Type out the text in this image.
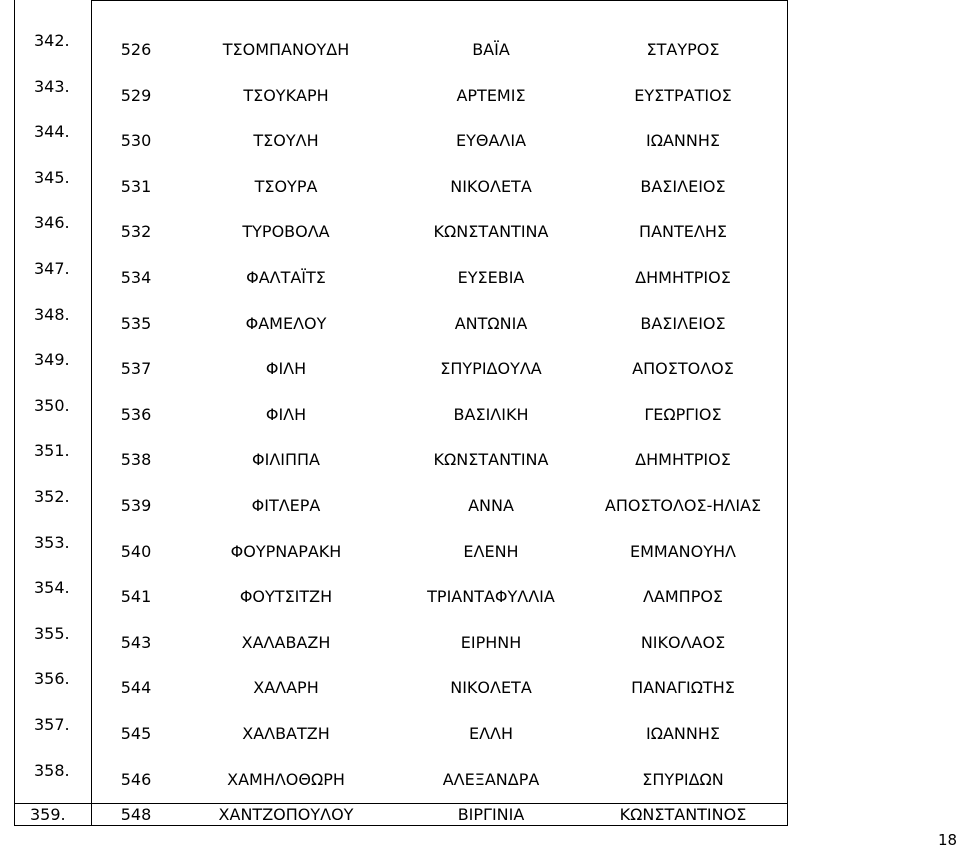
342.	526	ΤΣΟΜΠΑΝΟΥΔΗ	ΒΑΪΑ	ΣΤΑΥΡΟΣ
343.	529	ΤΣΟΥΚΑΡΗ	ΑΡΤΕΜΙΣ	ΕΥΣΤΡΑΤΙΟΣ
344.	530	ΤΣΟΥΛΗ	ΕΥΘΑΛΙΑ	ΙΩΑΝΝΗΣ
345.	531	ΤΣΟΥΡΑ	ΝΙΚΟΛΕΤΑ	ΒΑΣΙΛΕΙΟΣ
346.	532	ΤΥΡΟΒΟΛΑ	ΚΩΝΣΤΑΝΤΙΝΑ	ΠΑΝΤΕΛΗΣ
347.	534	ΦΑΛΤΑΪΤΣ	ΕΥΣΕΒΙΑ	ΔΗΜΗΤΡΙΟΣ
348.	535	ΦΑΜΕΛΟΥ	ΑΝΤΩΝΙΑ	ΒΑΣΙΛΕΙΟΣ
349.	537	ΦΙΛΗ	ΣΠΥΡΙΔΟΥΛΑ	ΑΠΟΣΤΟΛΟΣ
350.	536	ΦΙΛΗ	ΒΑΣΙΛΙΚΗ	ΓΕΩΡΓΙΟΣ
351.	538	ΦΙΛΙΠΠΑ	ΚΩΝΣΤΑΝΤΙΝΑ	ΔΗΜΗΤΡΙΟΣ
352.	539	ΦΙΤΛΕΡΑ	ΑΝΝΑ	ΑΠΟΣΤΟΛΟΣ-ΗΛΙΑΣ
353.	540	ΦΟΥΡΝΑΡΑΚΗ	ΕΛΕΝΗ	ΕΜΜΑΝΟΥΗΛ
354.	541	ΦΟΥΤΣΙΤΖΗ	ΤΡΙΑΝΤΑΦΥΛΛΙΑ	ΛΑΜΠΡΟΣ
355.	543	ΧΑΛΑΒΑΖΗ	ΕΙΡΗΝΗ	ΝΙΚΟΛΑΟΣ
356.	544	ΧΑΛΑΡΗ	ΝΙΚΟΛΕΤΑ	ΠΑΝΑΓΙΩΤΗΣ
357.	545	ΧΑΛΒΑΤΖΗ	ΕΛΛΗ	ΙΩΑΝΝΗΣ
358.	546	ΧΑΜΗΛΟΘΩΡΗ	ΑΛΕΞΑΝΔΡΑ	ΣΠΥΡΙΔΩΝ
359.	548	ΧΑΝΤΖΟΠΟΥΛΟΥ	ΒΙΡΓΙΝΙΑ	ΚΩΝΣΤΑΝΤΙΝΟΣ
18
